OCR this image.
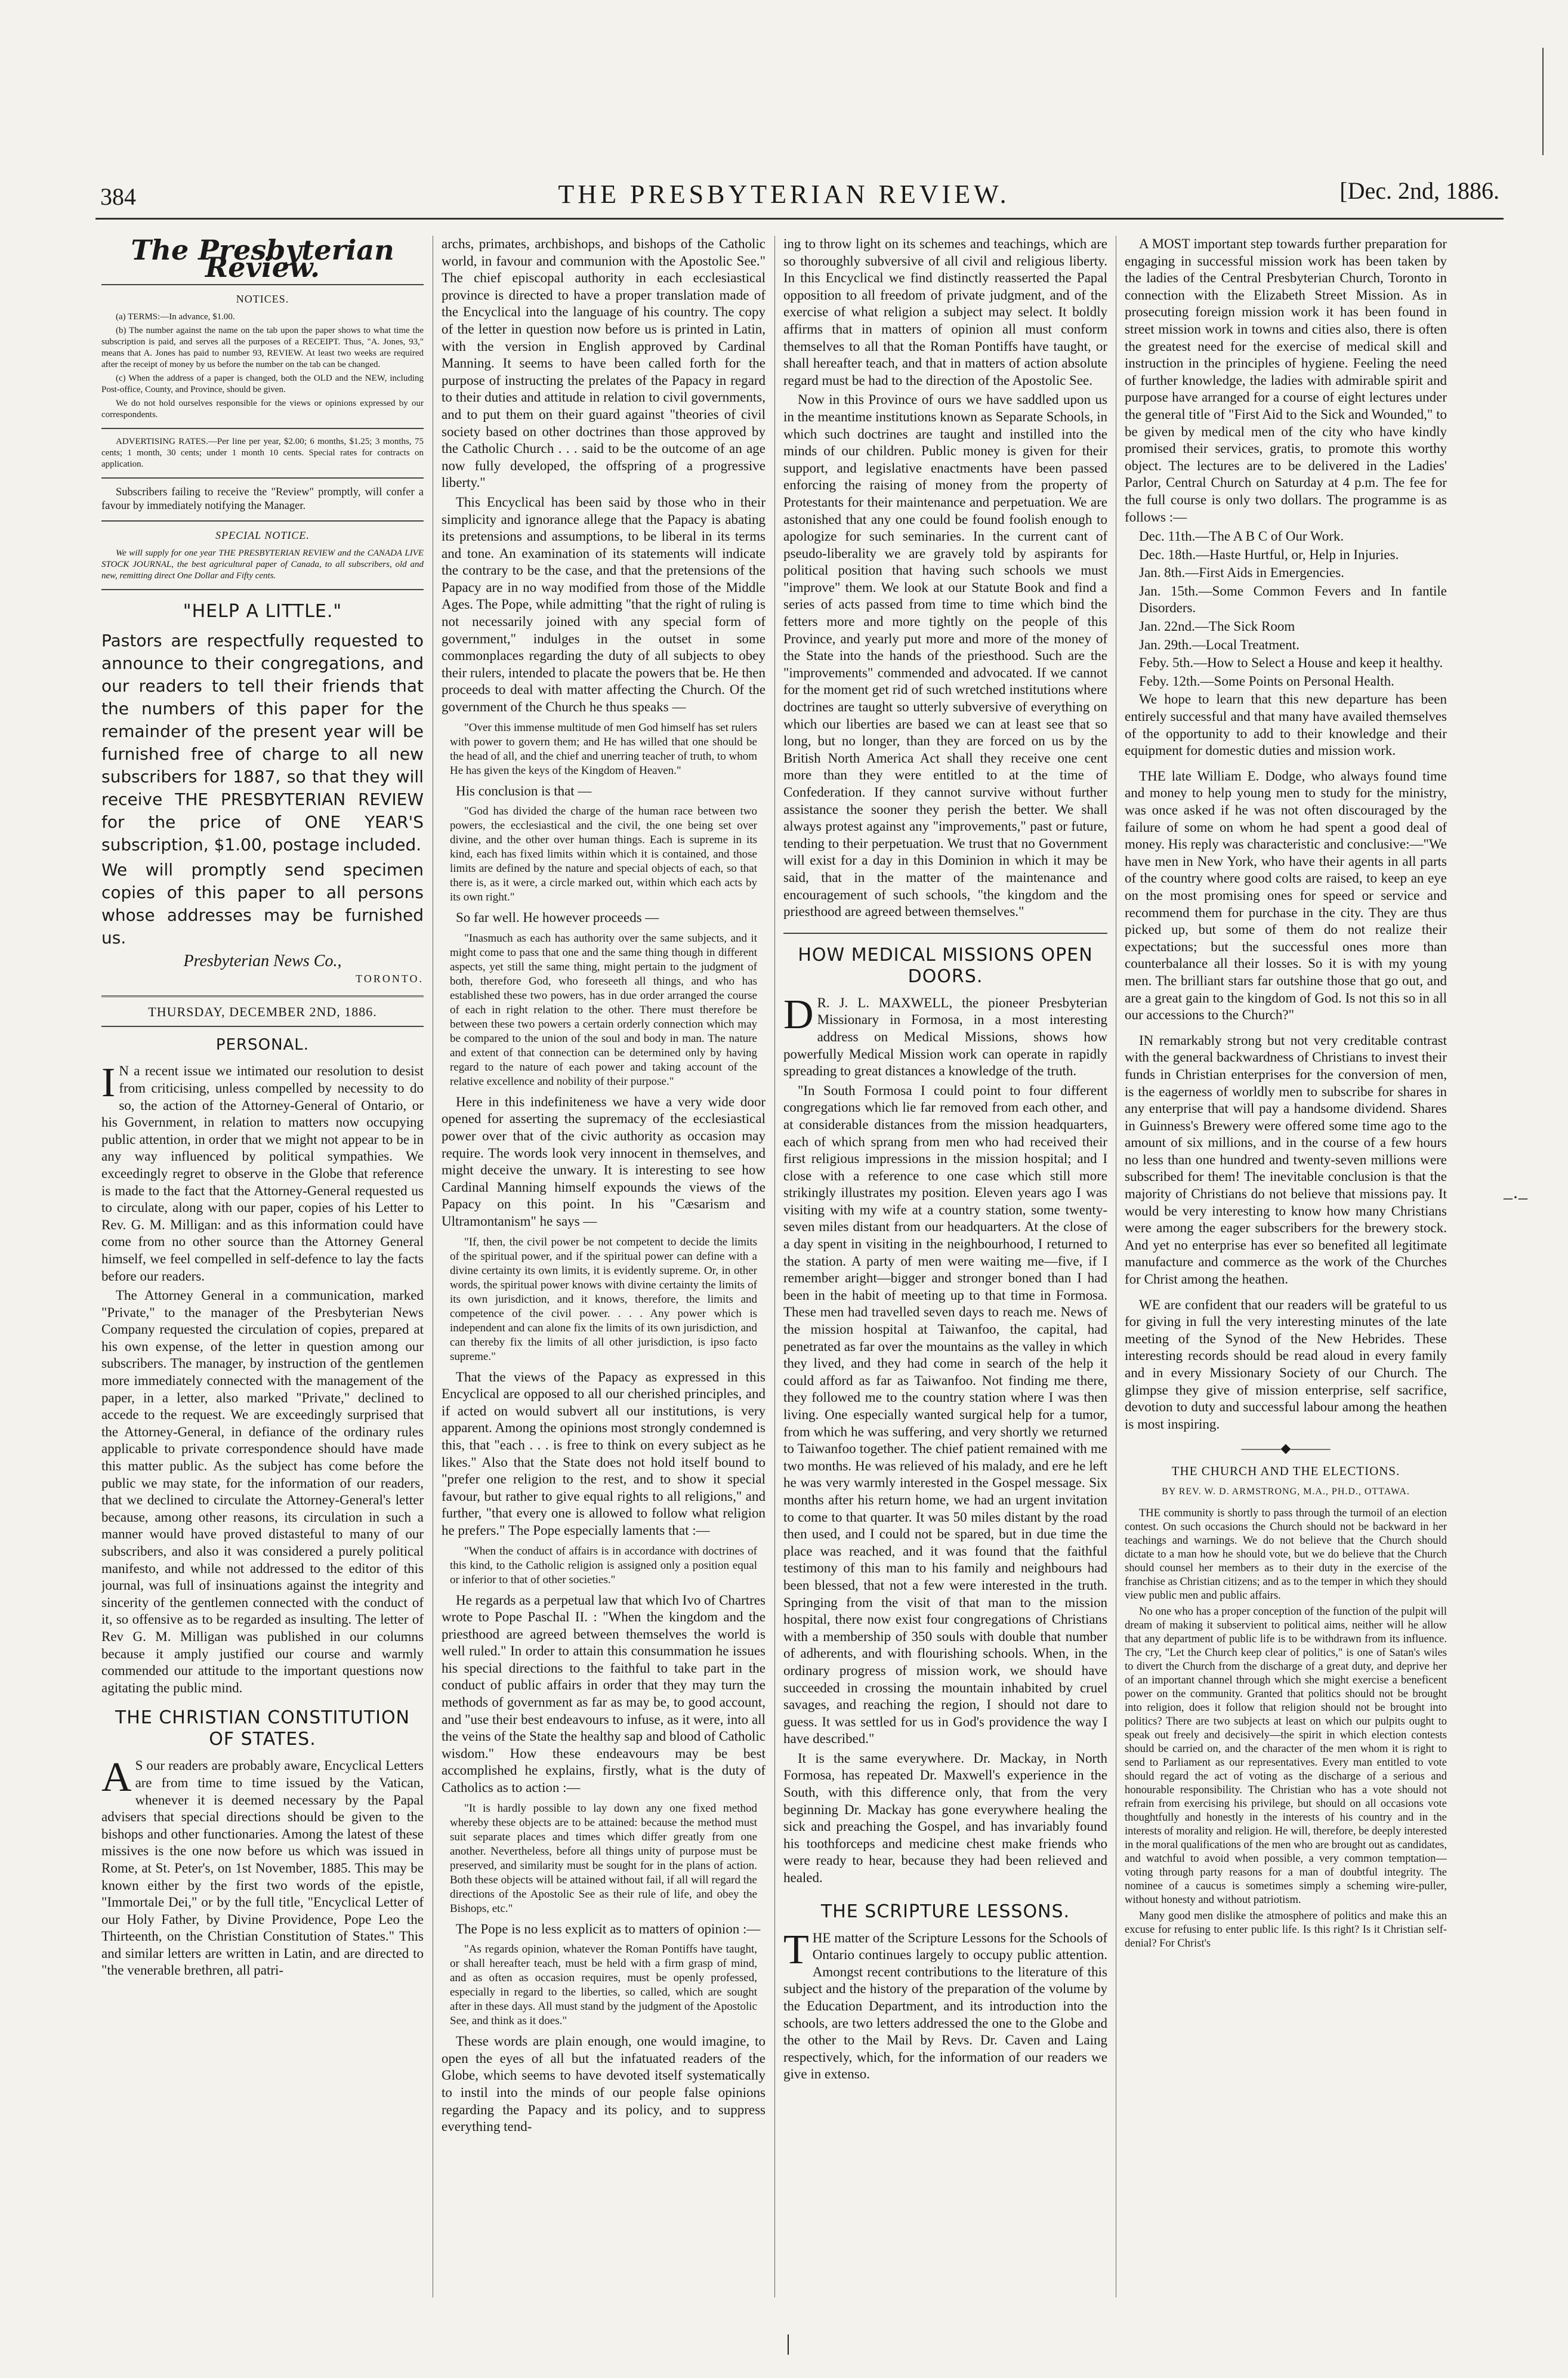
–·–
384	THE PRESBYTERIAN REVIEW.	[Dec. 2nd, 1886.
The Presbyterian Review.
NOTICES.

(a) TERMS:—In advance, $1.00.

(b) The number against the name on the tab upon the paper shows to what time the subscription is paid, and serves all the purposes of a RECEIPT. Thus, "A. Jones, 93," means that A. Jones has paid to number 93, REVIEW. At least two weeks are required after the receipt of money by us before the number on the tab can be changed.

(c) When the address of a paper is changed, both the OLD and the NEW, including Post-office, County, and Province, should be given.

We do not hold ourselves responsible for the views or opinions expressed by our correspondents.

ADVERTISING RATES.—Per line per year, $2.00; 6 months, $1.25; 3 months, 75 cents; 1 month, 30 cents; under 1 month 10 cents. Special rates for contracts on application.

Subscribers failing to receive the "Review" promptly, will confer a favour by immediately notifying the Manager.

SPECIAL NOTICE.

We will supply for one year THE PRESBYTERIAN REVIEW and the CANADA LIVE STOCK JOURNAL, the best agricultural paper of Canada, to all subscribers, old and new, remitting direct One Dollar and Fifty cents.

"HELP A LITTLE."

Pastors are respectfully requested to announce to their congregations, and our readers to tell their friends that the numbers of this paper for the remainder of the present year will be furnished free of charge to all new subscribers for 1887, so that they will receive THE PRESBYTERIAN REVIEW for the price of ONE YEAR'S subscription, $1.00, postage included.

We will promptly send specimen copies of this paper to all persons whose addresses may be furnished us.

Presbyterian News Co.,
TORONTO.
THURSDAY, DECEMBER 2ND, 1886.
PERSONAL.

I N a recent issue we intimated our resolution to desist from criticising, unless compelled by necessity to do so, the action of the Attorney-General of Ontario, or his Government, in relation to matters now occupying public attention, in order that we might not appear to be in any way influenced by political sympathies. We exceedingly regret to observe in the Globe that reference is made to the fact that the Attorney-General requested us to circulate, along with our paper, copies of his Letter to Rev. G. M. Milligan: and as this information could have come from no other source than the Attorney General himself, we feel compelled in self-defence to lay the facts before our readers.

The Attorney General in a communication, marked "Private," to the manager of the Presbyterian News Company requested the circulation of copies, prepared at his own expense, of the letter in question among our subscribers. The manager, by instruction of the gentlemen more immediately connected with the management of the paper, in a letter, also marked "Private," declined to accede to the request. We are exceedingly surprised that the Attorney-General, in defiance of the ordinary rules applicable to private correspondence should have made this matter public. As the subject has come before the public we may state, for the information of our readers, that we declined to circulate the Attorney-General's letter because, among other reasons, its circulation in such a manner would have proved distasteful to many of our subscribers, and also it was considered a purely political manifesto, and while not addressed to the editor of this journal, was full of insinuations against the integrity and sincerity of the gentlemen connected with the conduct of it, so offensive as to be regarded as insulting. The letter of Rev G. M. Milligan was published in our columns because it amply justified our course and warmly commended our attitude to the important questions now agitating the public mind.

THE CHRISTIAN CONSTITUTION OF STATES.

A S our readers are probably aware, Encyclical Letters are from time to time issued by the Vatican, whenever it is deemed necessary by the Papal advisers that special directions should be given to the bishops and other functionaries. Among the latest of these missives is the one now before us which was issued in Rome, at St. Peter's, on 1st November, 1885. This may be known either by the first two words of the epistle, "Immortale Dei," or by the full title, "Encyclical Letter of our Holy Father, by Divine Providence, Pope Leo the Thirteenth, on the Christian Constitution of States." This and similar letters are written in Latin, and are directed to "the venerable brethren, all patri-

archs, primates, archbishops, and bishops of the Catholic world, in favour and communion with the Apostolic See." The chief episcopal authority in each ecclesiastical province is directed to have a proper translation made of the Encyclical into the language of his country. The copy of the letter in question now before us is printed in Latin, with the version in English approved by Cardinal Manning. It seems to have been called forth for the purpose of instructing the prelates of the Papacy in regard to their duties and attitude in relation to civil governments, and to put them on their guard against "theories of civil society based on other doctrines than those approved by the Catholic Church . . . said to be the outcome of an age now fully developed, the offspring of a progressive liberty."

This Encyclical has been said by those who in their simplicity and ignorance allege that the Papacy is abating its pretensions and assumptions, to be liberal in its terms and tone. An examination of its statements will indicate the contrary to be the case, and that the pretensions of the Papacy are in no way modified from those of the Middle Ages. The Pope, while admitting "that the right of ruling is not necessarily joined with any special form of government," indulges in the outset in some commonplaces regarding the duty of all subjects to obey their rulers, intended to placate the powers that be. He then proceeds to deal with matter affecting the Church. Of the government of the Church he thus speaks —

"Over this immense multitude of men God himself has set rulers with power to govern them; and He has willed that one should be the head of all, and the chief and unerring teacher of truth, to whom He has given the keys of the Kingdom of Heaven."

His conclusion is that —

"God has divided the charge of the human race between two powers, the ecclesiastical and the civil, the one being set over divine, and the other over human things. Each is supreme in its kind, each has fixed limits within which it is contained, and those limits are defined by the nature and special objects of each, so that there is, as it were, a circle marked out, within which each acts by its own right."

So far well. He however proceeds —

"Inasmuch as each has authority over the same subjects, and it might come to pass that one and the same thing though in different aspects, yet still the same thing, might pertain to the judgment of both, therefore God, who foreseeth all things, and who has established these two powers, has in due order arranged the course of each in right relation to the other. There must therefore be between these two powers a certain orderly connection which may be compared to the union of the soul and body in man. The nature and extent of that connection can be determined only by having regard to the nature of each power and taking account of the relative excellence and nobility of their purpose."

Here in this indefiniteness we have a very wide door opened for asserting the supremacy of the ecclesiastical power over that of the civic authority as occasion may require. The words look very innocent in themselves, and might deceive the unwary. It is interesting to see how Cardinal Manning himself expounds the views of the Papacy on this point. In his "Cæsarism and Ultramontanism" he says —

"If, then, the civil power be not competent to decide the limits of the spiritual power, and if the spiritual power can define with a divine certainty its own limits, it is evidently supreme. Or, in other words, the spiritual power knows with divine certainty the limits of its own jurisdiction, and it knows, therefore, the limits and competence of the civil power. . . . Any power which is independent and can alone fix the limits of its own jurisdiction, and can thereby fix the limits of all other jurisdiction, is ipso facto supreme."

That the views of the Papacy as expressed in this Encyclical are opposed to all our cherished principles, and if acted on would subvert all our institutions, is very apparent. Among the opinions most strongly condemned is this, that "each . . . is free to think on every subject as he likes." Also that the State does not hold itself bound to "prefer one religion to the rest, and to show it special favour, but rather to give equal rights to all religions," and further, "that every one is allowed to follow what religion he prefers." The Pope especially laments that :—

"When the conduct of affairs is in accordance with doctrines of this kind, to the Catholic religion is assigned only a position equal or inferior to that of other societies."

He regards as a perpetual law that which Ivo of Chartres wrote to Pope Paschal II. : "When the kingdom and the priesthood are agreed between themselves the world is well ruled." In order to attain this consummation he issues his special directions to the faithful to take part in the conduct of public affairs in order that they may turn the methods of government as far as may be, to good account, and "use their best endeavours to infuse, as it were, into all the veins of the State the healthy sap and blood of Catholic wisdom." How these endeavours may be best accomplished he explains, firstly, what is the duty of Catholics as to action :—

"It is hardly possible to lay down any one fixed method whereby these objects are to be attained: because the method must suit separate places and times which differ greatly from one another. Nevertheless, before all things unity of purpose must be preserved, and similarity must be sought for in the plans of action. Both these objects will be attained without fail, if all will regard the directions of the Apostolic See as their rule of life, and obey the Bishops, etc."

The Pope is no less explicit as to matters of opinion :—

"As regards opinion, whatever the Roman Pontiffs have taught, or shall hereafter teach, must be held with a firm grasp of mind, and as often as occasion requires, must be openly professed, especially in regard to the liberties, so called, which are sought after in these days. All must stand by the judgment of the Apostolic See, and think as it does."

These words are plain enough, one would imagine, to open the eyes of all but the infatuated readers of the Globe, which seems to have devoted itself systematically to instil into the minds of our people false opinions regarding the Papacy and its policy, and to suppress everything tend-

ing to throw light on its schemes and teachings, which are so thoroughly subversive of all civil and religious liberty. In this Encyclical we find distinctly reasserted the Papal opposition to all freedom of private judgment, and of the exercise of what religion a subject may select. It boldly affirms that in matters of opinion all must conform themselves to all that the Roman Pontiffs have taught, or shall hereafter teach, and that in matters of action absolute regard must be had to the direction of the Apostolic See.

Now in this Province of ours we have saddled upon us in the meantime institutions known as Separate Schools, in which such doctrines are taught and instilled into the minds of our children. Public money is given for their support, and legislative enactments have been passed enforcing the raising of money from the property of Protestants for their maintenance and perpetuation. We are astonished that any one could be found foolish enough to apologize for such seminaries. In the current cant of pseudo-liberality we are gravely told by aspirants for political position that having such schools we must "improve" them. We look at our Statute Book and find a series of acts passed from time to time which bind the fetters more and more tightly on the people of this Province, and yearly put more and more of the money of the State into the hands of the priesthood. Such are the "improvements" commended and advocated. If we cannot for the moment get rid of such wretched institutions where doctrines are taught so utterly subversive of everything on which our liberties are based we can at least see that so long, but no longer, than they are forced on us by the British North America Act shall they receive one cent more than they were entitled to at the time of Confederation. If they cannot survive without further assistance the sooner they perish the better. We shall always protest against any "improvements," past or future, tending to their perpetuation. We trust that no Government will exist for a day in this Dominion in which it may be said, that in the matter of the maintenance and encouragement of such schools, "the kingdom and the priesthood are agreed between themselves."

HOW MEDICAL MISSIONS OPEN DOORS.

D R. J. L. MAXWELL, the pioneer Presbyterian Missionary in Formosa, in a most interesting address on Medical Missions, shows how powerfully Medical Mission work can operate in rapidly spreading to great distances a knowledge of the truth.

"In South Formosa I could point to four different congregations which lie far removed from each other, and at considerable distances from the mission headquarters, each of which sprang from men who had received their first religious impressions in the mission hospital; and I close with a reference to one case which still more strikingly illustrates my position. Eleven years ago I was visiting with my wife at a country station, some twenty-seven miles distant from our headquarters. At the close of a day spent in visiting in the neighbourhood, I returned to the station. A party of men were waiting me—five, if I remember aright—bigger and stronger boned than I had been in the habit of meeting up to that time in Formosa. These men had travelled seven days to reach me. News of the mission hospital at Taiwanfoo, the capital, had penetrated as far over the mountains as the valley in which they lived, and they had come in search of the help it could afford as far as Taiwanfoo. Not finding me there, they followed me to the country station where I was then living. One especially wanted surgical help for a tumor, from which he was suffering, and very shortly we returned to Taiwanfoo together. The chief patient remained with me two months. He was relieved of his malady, and ere he left he was very warmly interested in the Gospel message. Six months after his return home, we had an urgent invitation to come to that quarter. It was 50 miles distant by the road then used, and I could not be spared, but in due time the place was reached, and it was found that the faithful testimony of this man to his family and neighbours had been blessed, that not a few were interested in the truth. Springing from the visit of that man to the mission hospital, there now exist four congregations of Christians with a membership of 350 souls with double that number of adherents, and with flourishing schools. When, in the ordinary progress of mission work, we should have succeeded in crossing the mountain inhabited by cruel savages, and reaching the region, I should not dare to guess. It was settled for us in God's providence the way I have described."

It is the same everywhere. Dr. Mackay, in North Formosa, has repeated Dr. Maxwell's experience in the South, with this difference only, that from the very beginning Dr. Mackay has gone everywhere healing the sick and preaching the Gospel, and has invariably found his toothforceps and medicine chest make friends who were ready to hear, because they had been relieved and healed.

THE SCRIPTURE LESSONS.

THE matter of the Scripture Lessons for the Schools of Ontario continues largely to occupy public attention. Amongst recent contributions to the literature of this subject and the history of the preparation of the volume by the Education Department, and its introduction into the schools, are two letters addressed the one to the Globe and the other to the Mail by Revs. Dr. Caven and Laing respectively, which, for the information of our readers we give in extenso.

A MOST important step towards further preparation for engaging in successful mission work has been taken by the ladies of the Central Presbyterian Church, Toronto in connection with the Elizabeth Street Mission. As in prosecuting foreign mission work it has been found in street mission work in towns and cities also, there is often the greatest need for the exercise of medical skill and instruction in the principles of hygiene. Feeling the need of further knowledge, the ladies with admirable spirit and purpose have arranged for a course of eight lectures under the general title of "First Aid to the Sick and Wounded," to be given by medical men of the city who have kindly promised their services, gratis, to promote this worthy object. The lectures are to be delivered in the Ladies' Parlor, Central Church on Saturday at 4 p.m. The fee for the full course is only two dollars. The programme is as follows :—

Dec. 11th.—The A B C of Our Work.

Dec. 18th.—Haste Hurtful, or, Help in Injuries.

Jan. 8th.—First Aids in Emergencies.

Jan. 15th.—Some Common Fevers and In fantile Disorders.

Jan. 22nd.—The Sick Room

Jan. 29th.—Local Treatment.

Feby. 5th.—How to Select a House and keep it healthy.

Feby. 12th.—Some Points on Personal Health.

We hope to learn that this new departure has been entirely successful and that many have availed themselves of the opportunity to add to their knowledge and their equipment for domestic duties and mission work.

THE late William E. Dodge, who always found time and money to help young men to study for the ministry, was once asked if he was not often discouraged by the failure of some on whom he had spent a good deal of money. His reply was characteristic and conclusive:—"We have men in New York, who have their agents in all parts of the country where good colts are raised, to keep an eye on the most promising ones for speed or service and recommend them for purchase in the city. They are thus picked up, but some of them do not realize their expectations; but the successful ones more than counterbalance all their losses. So it is with my young men. The brilliant stars far outshine those that go out, and are a great gain to the kingdom of God. Is not this so in all our accessions to the Church?"

IN remarkably strong but not very creditable contrast with the general backwardness of Christians to invest their funds in Christian enterprises for the conversion of men, is the eagerness of worldly men to subscribe for shares in any enterprise that will pay a handsome dividend. Shares in Guinness's Brewery were offered some time ago to the amount of six millions, and in the course of a few hours no less than one hundred and twenty-seven millions were subscribed for them! The inevitable conclusion is that the majority of Christians do not believe that missions pay. It would be very interesting to know how many Christians were among the eager subscribers for the brewery stock. And yet no enterprise has ever so benefited all legitimate manufacture and commerce as the work of the Churches for Christ among the heathen.

WE are confident that our readers will be grateful to us for giving in full the very interesting minutes of the late meeting of the Synod of the New Hebrides. These interesting records should be read aloud in every family and in every Missionary Society of our Church. The glimpse they give of mission enterprise, self sacrifice, devotion to duty and successful labour among the heathen is most inspiring.

———◆———
THE CHURCH AND THE ELECTIONS.
BY REV. W. D. ARMSTRONG, M.A., PH.D., OTTAWA.

THE community is shortly to pass through the turmoil of an election contest. On such occasions the Church should not be backward in her teachings and warnings. We do not believe that the Church should dictate to a man how he should vote, but we do believe that the Church should counsel her members as to their duty in the exercise of the franchise as Christian citizens; and as to the temper in which they should view public men and public affairs.

No one who has a proper conception of the function of the pulpit will dream of making it subservient to political aims, neither will he allow that any department of public life is to be withdrawn from its influence. The cry, "Let the Church keep clear of politics," is one of Satan's wiles to divert the Church from the discharge of a great duty, and deprive her of an important channel through which she might exercise a beneficent power on the community. Granted that politics should not be brought into religion, does it follow that religion should not be brought into politics? There are two subjects at least on which our pulpits ought to speak out freely and decisively—the spirit in which election contests should be carried on, and the character of the men whom it is right to send to Parliament as our representatives. Every man entitled to vote should regard the act of voting as the discharge of a serious and honourable responsibility. The Christian who has a vote should not refrain from exercising his privilege, but should on all occasions vote thoughtfully and honestly in the interests of his country and in the interests of morality and religion. He will, therefore, be deeply interested in the moral qualifications of the men who are brought out as candidates, and watchful to avoid when possible, a very common temptation—voting through party reasons for a man of doubtful integrity. The nominee of a caucus is sometimes simply a scheming wire-puller, without honesty and without patriotism.

Many good men dislike the atmosphere of politics and make this an excuse for refusing to enter public life. Is this right? Is it Christian self-denial? For Christ's
